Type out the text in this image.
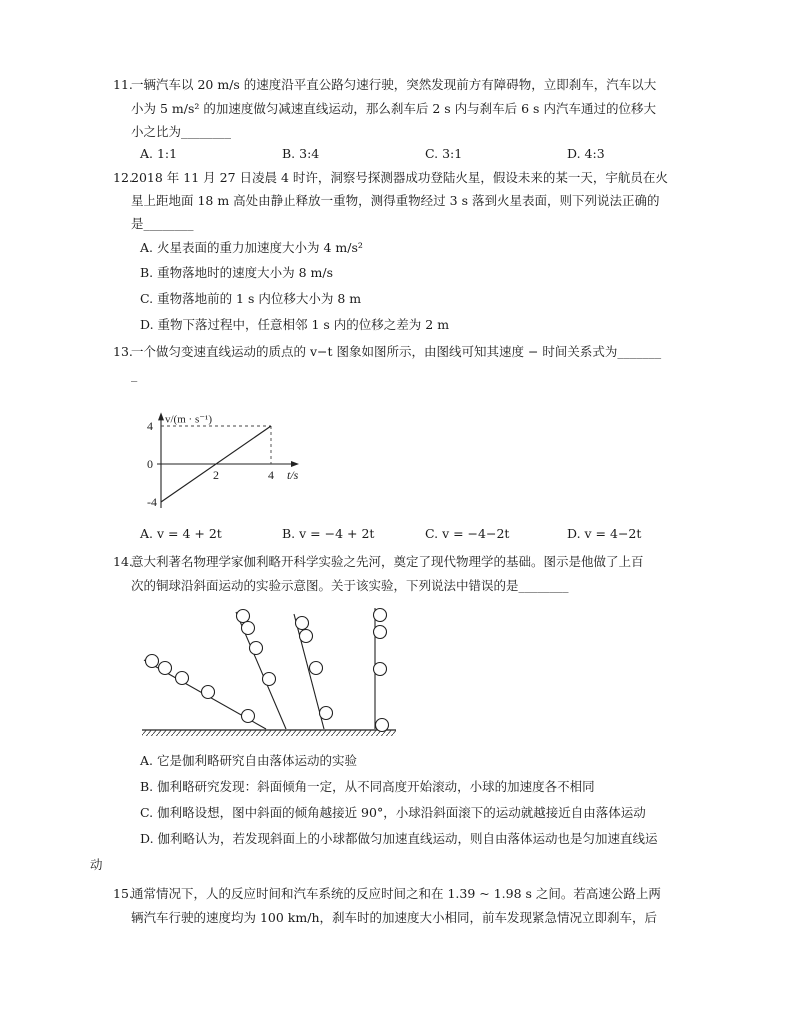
11.
一辆汽车以 20 m/s 的速度沿平直公路匀速行驶，突然发现前方有障碍物，立即刹车，汽车以大
小为 5 m/s² 的加速度做匀减速直线运动，那么刹车后 2 s 内与刹车后 6 s 内汽车通过的位移大
小之比为________
A. 1:1	B. 3:4	C. 3:1	D. 4:3
12.
2018 年 11 月 27 日凌晨 4 时许，洞察号探测器成功登陆火星，假设未来的某一天，宇航员在火
星上距地面 18 m 高处由静止释放一重物，测得重物经过 3 s 落到火星表面，则下列说法正确的
是________
A. 火星表面的重力加速度大小为 4 m/s²
B. 重物落地时的速度大小为 8 m/s
C. 重物落地前的 1 s 内位移大小为 8 m
D. 重物下落过程中，任意相邻 1 s 内的位移之差为 2 m
13.
一个做匀变速直线运动的质点的 v−t 图象如图所示，由图线可知其速度 − 时间关系式为_______
_
v/(m · s⁻¹)
t/s
4
0
-4
2	4
A. v = 4 + 2t	B. v = −4 + 2t	C. v = −4−2t	D. v = 4−2t
14.
意大利著名物理学家伽利略开科学实验之先河，奠定了现代物理学的基础。图示是他做了上百
次的铜球沿斜面运动的实验示意图。关于该实验，下列说法中错误的是________
A. 它是伽利略研究自由落体运动的实验
B. 伽利略研究发现：斜面倾角一定，从不同高度开始滚动，小球的加速度各不相同
C. 伽利略设想，图中斜面的倾角越接近 90°，小球沿斜面滚下的运动就越接近自由落体运动
D. 伽利略认为，若发现斜面上的小球都做匀加速直线运动，则自由落体运动也是匀加速直线运
动
15.
通常情况下，人的反应时间和汽车系统的反应时间之和在 1.39 ~ 1.98 s 之间。若高速公路上两
辆汽车行驶的速度均为 100 km/h，刹车时的加速度大小相同，前车发现紧急情况立即刹车，后
